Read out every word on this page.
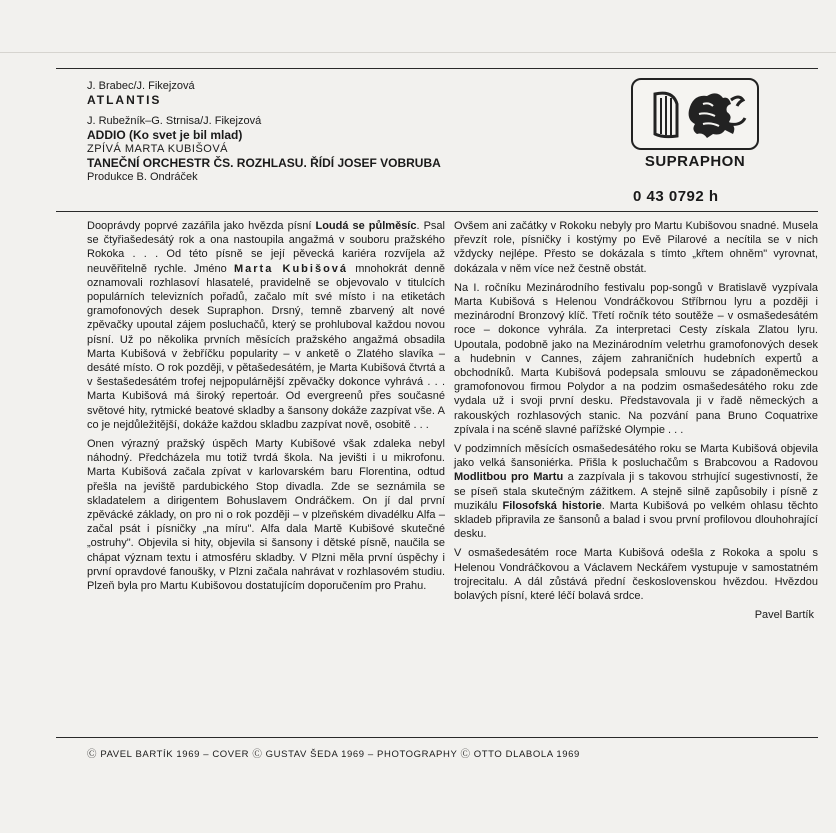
J. Brabec/J. Fikejzová
ATLANTIS
J. Rubežník–G. Strnisa/J. Fikejzová
ADDIO (Ko svet je bil mlad)
ZPÍVÁ MARTA KUBIŠOVÁ
TANEČNÍ ORCHESTR ČS. ROZHLASU. ŘÍDÍ JOSEF VOBRUBA
Produkce B. Ondráček
SUPRAPHON
0 43 0792 h

Dooprávdy poprvé zazářila jako hvězda písní Loudá se půlměsíc. Psal se čtyřiašedesátý rok a ona nastoupila angažmá v souboru pražského Rokoka . . . Od této písně se její pěvecká kariéra rozvíjela až neuvěřitelně rychle. Jméno Marta Kubišová mnohokrát denně oznamovali rozhlasoví hlasatelé, pravidelně se objevovalo v titulcích populárních televizních pořadů, začalo mít své místo i na etiketách gramofonových desek Supraphon. Drsný, temně zbarvený alt nové zpěvačky upoutal zájem posluchačů, který se prohluboval každou novou písní. Už po několika prvních měsících pražského angažmá obsadila Marta Kubišová v žebříčku popularity – v anketě o Zlatého slavíka – desáté místo. O rok později, v pětašedesátém, je Marta Kubišová čtvrtá a v šestašedesátém trofej nejpopulárnější zpěvačky dokonce vyhrává . . . Marta Kubišová má široký repertoár. Od evergreenů přes současné světové hity, rytmické beatové skladby a šansony dokáže zazpívat vše. A co je nejdůležitější, dokáže každou skladbu zazpívat nově, osobitě . . .

Onen výrazný pražský úspěch Marty Kubišové však zdaleka nebyl náhodný. Předcházela mu totiž tvrdá škola. Na jevišti i u mikrofonu. Marta Kubišová začala zpívat v karlovarském baru Florentina, odtud přešla na jeviště pardubického Stop divadla. Zde se seznámila se skladatelem a dirigentem Bohuslavem Ondráčkem. On jí dal první zpěvácké základy, on pro ni o rok později – v plzeňském divadélku Alfa – začal psát i písničky „na míru". Alfa dala Martě Kubišové skutečné „ostruhy". Objevila si hity, objevila si šansony i dětské písně, naučila se chápat význam textu i atmosféru skladby. V Plzni měla první úspěchy i první opravdové fanoušky, v Plzni začala nahrávat v rozhlasovém studiu. Plzeň byla pro Martu Kubišovou dostatujícím doporučením pro Prahu.

Ovšem ani začátky v Rokoku nebyly pro Martu Kubišovou snadné. Musela převzít role, písničky i kostýmy po Evě Pilarové a necítila se v nich vždycky nejlépe. Přesto se dokázala s tímto „křtem ohněm" vyrovnat, dokázala v něm více než čestně obstát.

Na I. ročníku Mezinárodního festivalu pop-songů v Bratislavě vyzpívala Marta Kubišová s Helenou Vondráčkovou Stříbrnou lyru a později i mezinárodní Bronzový klíč. Třetí ročník této soutěže – v osmašedesátém roce – dokonce vyhrála. Za interpretaci Cesty získala Zlatou lyru. Upoutala, podobně jako na Mezinárodním veletrhu gramofonových desek a hudebnin v Cannes, zájem zahraničních hudebních expertů a obchodníků. Marta Kubišová podepsala smlouvu se západoněmeckou gramofonovou firmou Polydor a na podzim osmašedesátého roku zde vydala už i svoji první desku. Představovala ji v řadě německých a rakouských rozhlasových stanic. Na pozvání pana Bruno Coquatrixe zpívala i na scéně slavné pařížské Olympie . . .

V podzimních měsících osmašedesátého roku se Marta Kubišová objevila jako velká šansoniérka. Přišla k posluchačům s Brabcovou a Radovou Modlitbou pro Martu a zazpívala ji s takovou strhující sugestivností, že se píseň stala skutečným zážitkem. A stejně silně zapůsobily i písně z muzikálu Filosofská historie. Marta Kubišová po velkém ohlasu těchto skladeb připravila ze šansonů a balad i svou první profilovou dlouhohrající desku.

V osmašedesátém roce Marta Kubišová odešla z Rokoka a spolu s Helenou Vondráčkovou a Václavem Neckářem vystupuje v samostatném trojrecitalu. A dál zůstává přední československou hvězdou. Hvězdou bolavých písní, které léčí bolavá srdce.

Pavel Bartík
Ⓒ PAVEL BARTÍK 1969 – COVER Ⓒ GUSTAV ŠEDA 1969 – PHOTOGRAPHY Ⓒ OTTO DLABOLA 1969
